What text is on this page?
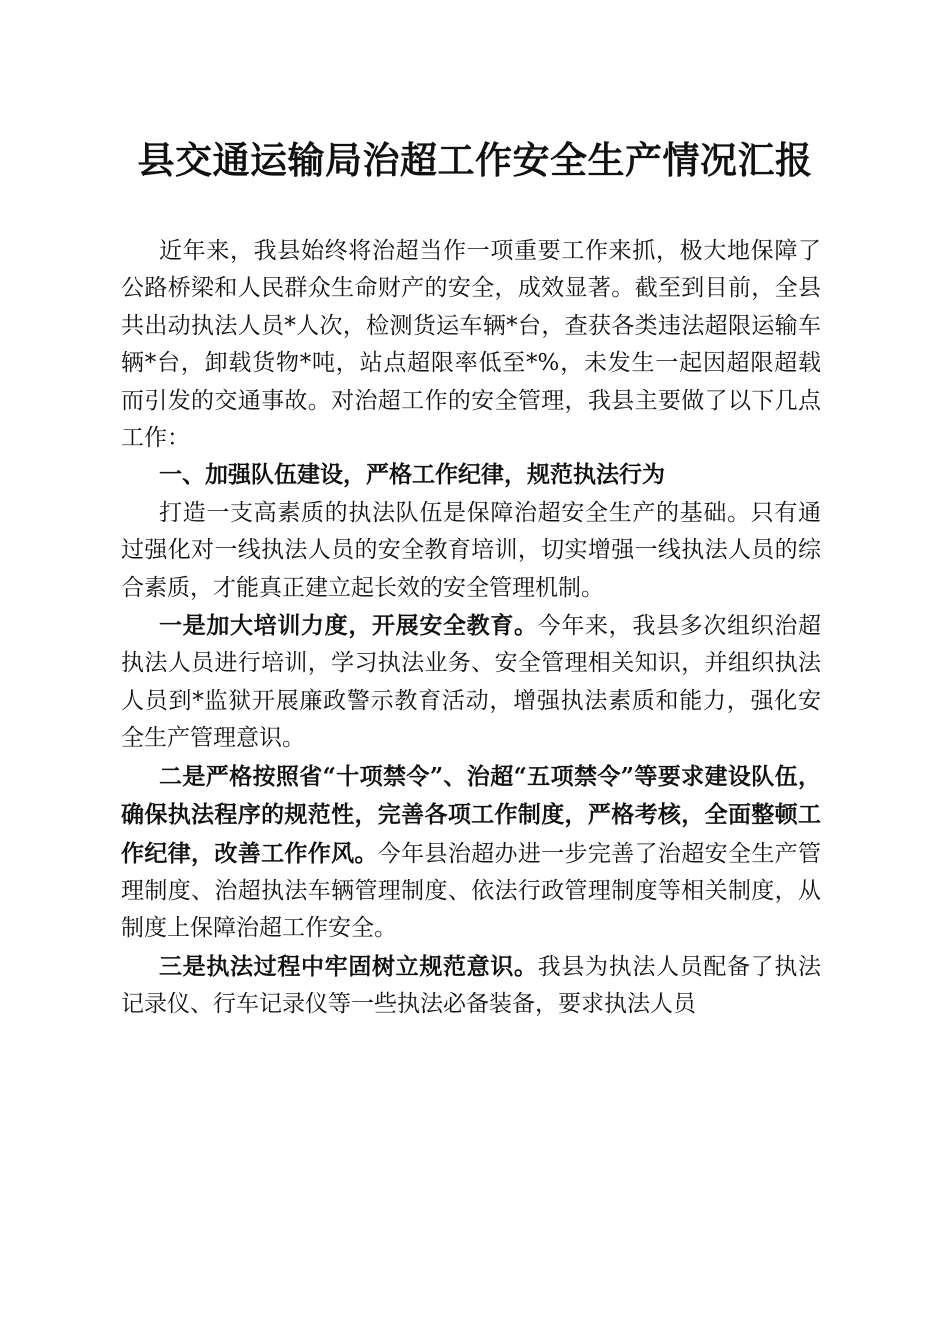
县交通运输局治超工作安全生产情况汇报

近年来，我县始终将治超当作一项重要工作来抓，极大地保障了公路桥梁和人民群众生命财产的安全，成效显著。截至到目前，全县共出动执法人员*人次，检测货运车辆*台，查获各类违法超限运输车辆*台，卸载货物*吨，站点超限率低至*%，未发生一起因超限超载而引发的交通事故。对治超工作的安全管理，我县主要做了以下几点工作：

一、加强队伍建设，严格工作纪律，规范执法行为

打造一支高素质的执法队伍是保障治超安全生产的基础。只有通过强化对一线执法人员的安全教育培训，切实增强一线执法人员的综合素质，才能真正建立起长效的安全管理机制。

一是加大培训力度，开展安全教育。今年来，我县多次组织治超执法人员进行培训，学习执法业务、安全管理相关知识，并组织执法人员到*监狱开展廉政警示教育活动，增强执法素质和能力，强化安全生产管理意识。

二是严格按照省“十项禁令”、治超“五项禁令”等要求建设队伍，确保执法程序的规范性，完善各项工作制度，严格考核，全面整顿工作纪律，改善工作作风。今年县治超办进一步完善了治超安全生产管理制度、治超执法车辆管理制度、依法行政管理制度等相关制度，从制度上保障治超工作安全。

三是执法过程中牢固树立规范意识。我县为执法人员配备了执法记录仪、行车记录仪等一些执法必备装备，要求执法人员
